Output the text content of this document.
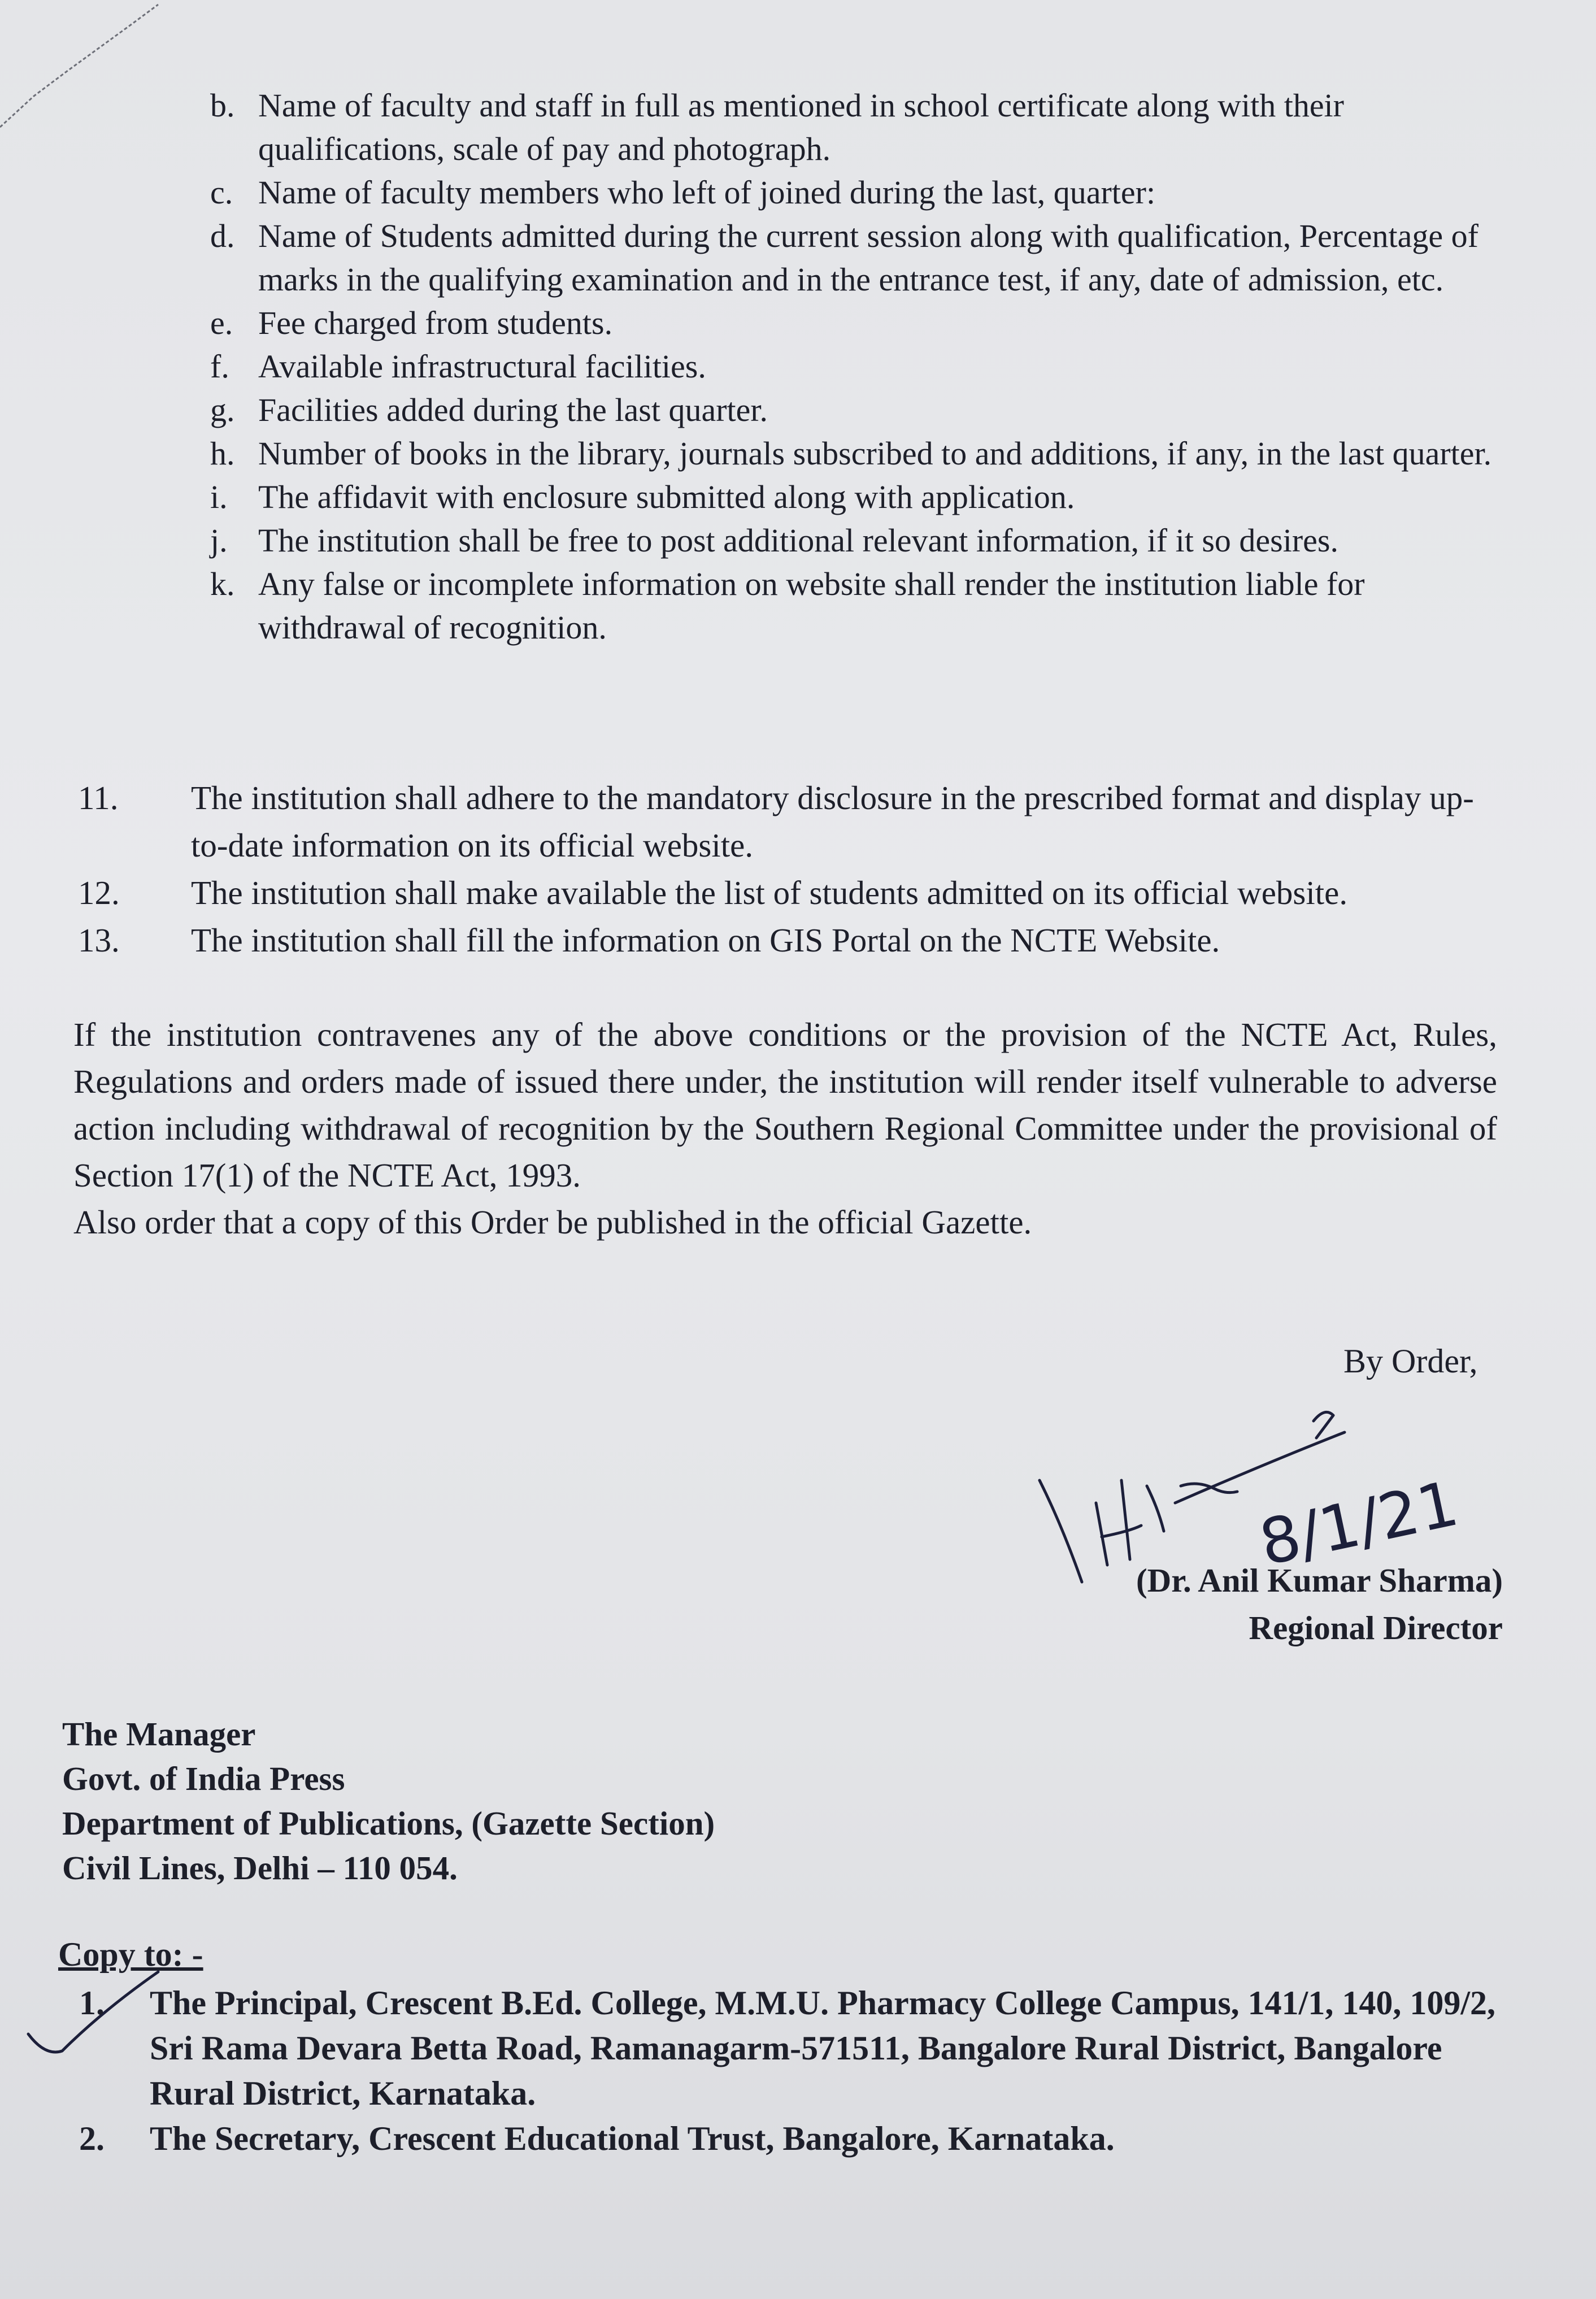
b. Name of faculty and staff in full as mentioned in school certificate along with their qualifications, scale of pay and photograph.
c. Name of faculty members who left of joined during the last, quarter:
d. Name of Students admitted during the current session along with qualification, Percentage of marks in the qualifying examination and in the entrance test, if any, date of admission, etc.
e. Fee charged from students.
f. Available infrastructural facilities.
g. Facilities added during the last quarter.
h. Number of books in the library, journals subscribed to and additions, if any, in the last quarter.
i. The affidavit with enclosure submitted along with application.
j. The institution shall be free to post additional relevant information, if it so desires.
k. Any false or incomplete information on website shall render the institution liable for withdrawal of recognition.
11. The institution shall adhere to the mandatory disclosure in the prescribed format and display up-to-date information on its official website.
12. The institution shall make available the list of students admitted on its official website.
13. The institution shall fill the information on GIS Portal on the NCTE Website.

If the institution contravenes any of the above conditions or the provision of the NCTE Act, Rules, Regulations and orders made of issued there under, the institution will render itself vulnerable to adverse action including withdrawal of recognition by the Southern Regional Committee under the provisional of Section 17(1) of the NCTE Act, 1993.

Also order that a copy of this Order be published in the official Gazette.

By Order,
8/1/21
(Dr. Anil Kumar Sharma)
Regional Director
The Manager
Govt. of India Press
Department of Publications, (Gazette Section)
Civil Lines, Delhi – 110 054.
Copy to: -
1. The Principal, Crescent B.Ed. College, M.M.U. Pharmacy College Campus, 141/1, 140, 109/2, Sri Rama Devara Betta Road, Ramanagarm-571511, Bangalore Rural District, Bangalore Rural District, Karnataka.
2. The Secretary, Crescent Educational Trust, Bangalore, Karnataka.
